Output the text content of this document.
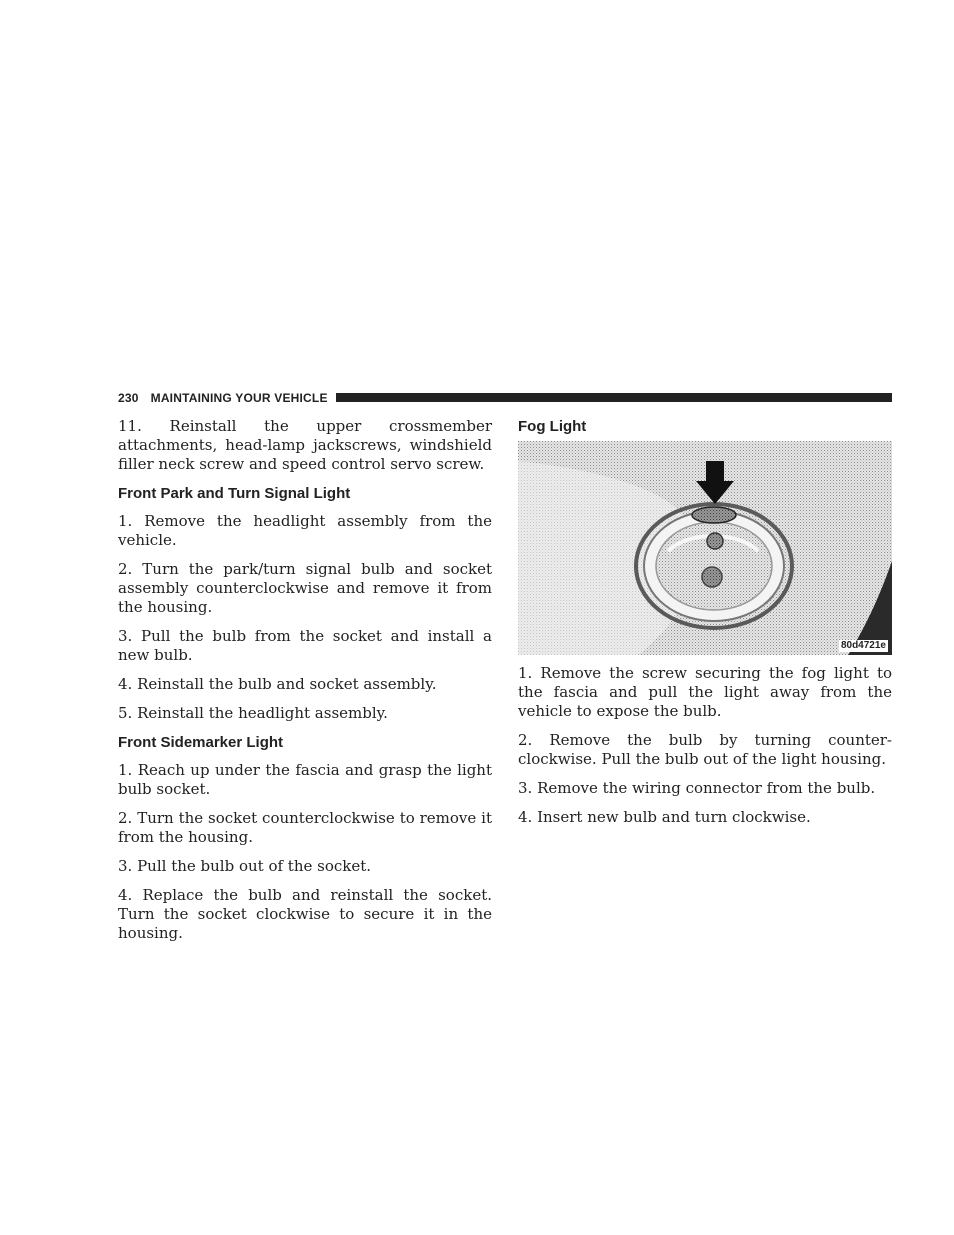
230 MAINTAINING YOUR VEHICLE

11. Reinstall the upper crossmember attachments, head-lamp jackscrews, windshield filler neck screw and speed control servo screw.

Front Park and Turn Signal Light

1. Remove the headlight assembly from the vehicle.

2. Turn the park/turn signal bulb and socket assembly counterclockwise and remove it from the housing.

3. Pull the bulb from the socket and install a new bulb.

4. Reinstall the bulb and socket assembly.

5. Reinstall the headlight assembly.

Front Sidemarker Light

1. Reach up under the fascia and grasp the light bulb socket.

2. Turn the socket counterclockwise to remove it from the housing.

3. Pull the bulb out of the socket.

4. Replace the bulb and reinstall the socket. Turn the socket clockwise to secure it in the housing.

Fog Light
80d4721e

1. Remove the screw securing the fog light to the fascia and pull the light away from the vehicle to expose the bulb.

2. Remove the bulb by turning counter-clockwise. Pull the bulb out of the light housing.

3. Remove the wiring connector from the bulb.

4. Insert new bulb and turn clockwise.
